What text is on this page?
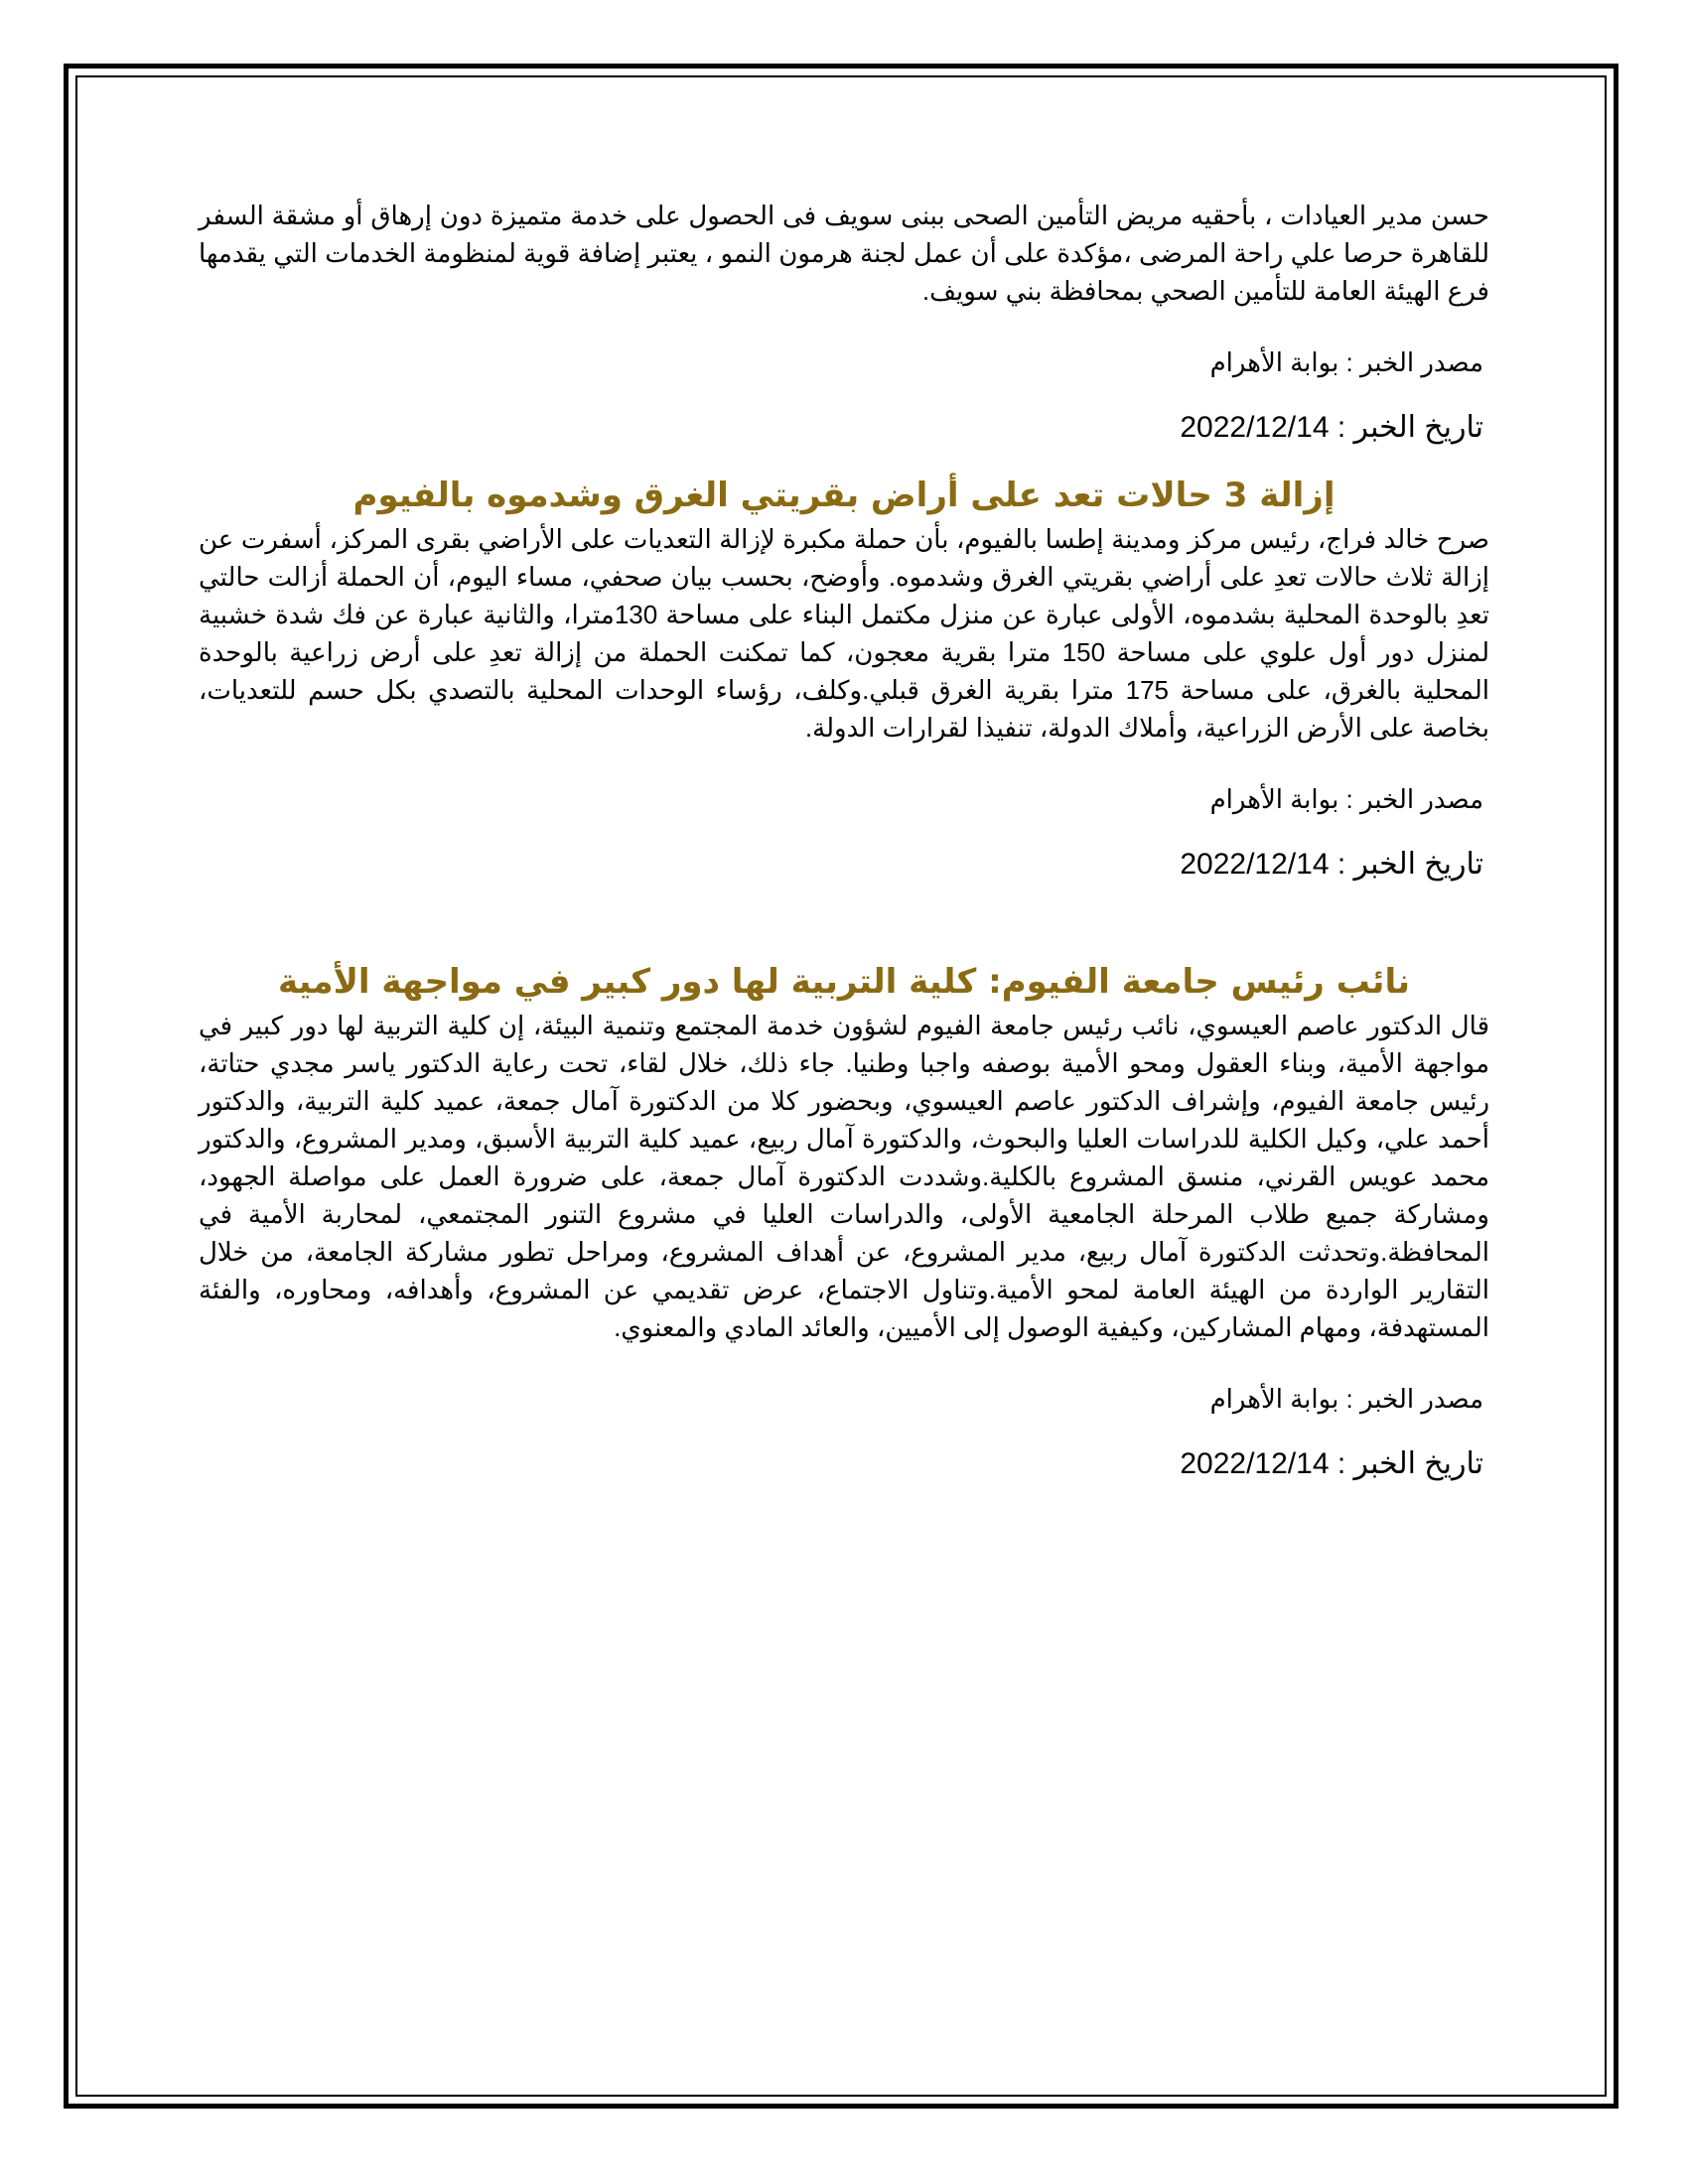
حسن مدير العيادات ، بأحقيه مريض التأمين الصحى ببنى سويف فى الحصول على خدمة متميزة دون إرهاق أو مشقة السفر للقاهرة حرصا علي راحة المرضى ،مؤكدة على أن عمل لجنة هرمون النمو ، يعتبر إضافة قوية لمنظومة الخدمات التي يقدمها فرع الهيئة العامة للتأمين الصحي بمحافظة بني سويف.

مصدر الخبر : بوابة الأهرام

تاريخ الخبر : 2022/12/14

إزالة 3 حالات تعد على أراض بقريتي الغرق وشدموه بالفيوم

صرح خالد فراج، رئيس مركز ومدينة إطسا بالفيوم، بأن حملة مكبرة لإزالة التعديات على الأراضي بقرى المركز، أسفرت عن إزالة ثلاث حالات تعدِ على أراضي بقريتي الغرق وشدموه. وأوضح، بحسب بيان صحفي، مساء اليوم، أن الحملة أزالت حالتي تعدِ بالوحدة المحلية بشدموه، الأولى عبارة عن منزل مكتمل البناء على مساحة 130مترا، والثانية عبارة عن فك شدة خشبية لمنزل دور أول علوي على مساحة 150 مترا بقرية معجون، كما تمكنت الحملة من إزالة تعدِ على أرض زراعية بالوحدة المحلية بالغرق، على مساحة 175 مترا بقرية الغرق قبلي.وكلف، رؤساء الوحدات المحلية بالتصدي بكل حسم للتعديات، بخاصة على الأرض الزراعية، وأملاك الدولة، تنفيذا لقرارات الدولة.

مصدر الخبر : بوابة الأهرام

تاريخ الخبر : 2022/12/14

نائب رئيس جامعة الفيوم: كلية التربية لها دور كبير في مواجهة الأمية

قال الدكتور عاصم العيسوي، نائب رئيس جامعة الفيوم لشؤون خدمة المجتمع وتنمية البيئة، إن كلية التربية لها دور كبير في مواجهة الأمية، وبناء العقول ومحو الأمية بوصفه واجبا وطنيا. جاء ذلك، خلال لقاء، تحت رعاية الدكتور ياسر مجدي حتاتة، رئيس جامعة الفيوم، وإشراف الدكتور عاصم العيسوي، وبحضور كلا من الدكتورة آمال جمعة، عميد كلية التربية، والدكتور أحمد علي، وكيل الكلية للدراسات العليا والبحوث، والدكتورة آمال ربيع، عميد كلية التربية الأسبق، ومدير المشروع، والدكتور محمد عويس القرني، منسق المشروع بالكلية.وشددت الدكتورة آمال جمعة، على ضرورة العمل على مواصلة الجهود، ومشاركة جميع طلاب المرحلة الجامعية الأولى، والدراسات العليا في مشروع التنور المجتمعي، لمحاربة الأمية في المحافظة.وتحدثت الدكتورة آمال ربيع، مدير المشروع، عن أهداف المشروع، ومراحل تطور مشاركة الجامعة، من خلال التقارير الواردة من الهيئة العامة لمحو الأمية.وتناول الاجتماع، عرض تقديمي عن المشروع، وأهدافه، ومحاوره، والفئة المستهدفة، ومهام المشاركين، وكيفية الوصول إلى الأميين، والعائد المادي والمعنوي.

مصدر الخبر : بوابة الأهرام

تاريخ الخبر : 2022/12/14
